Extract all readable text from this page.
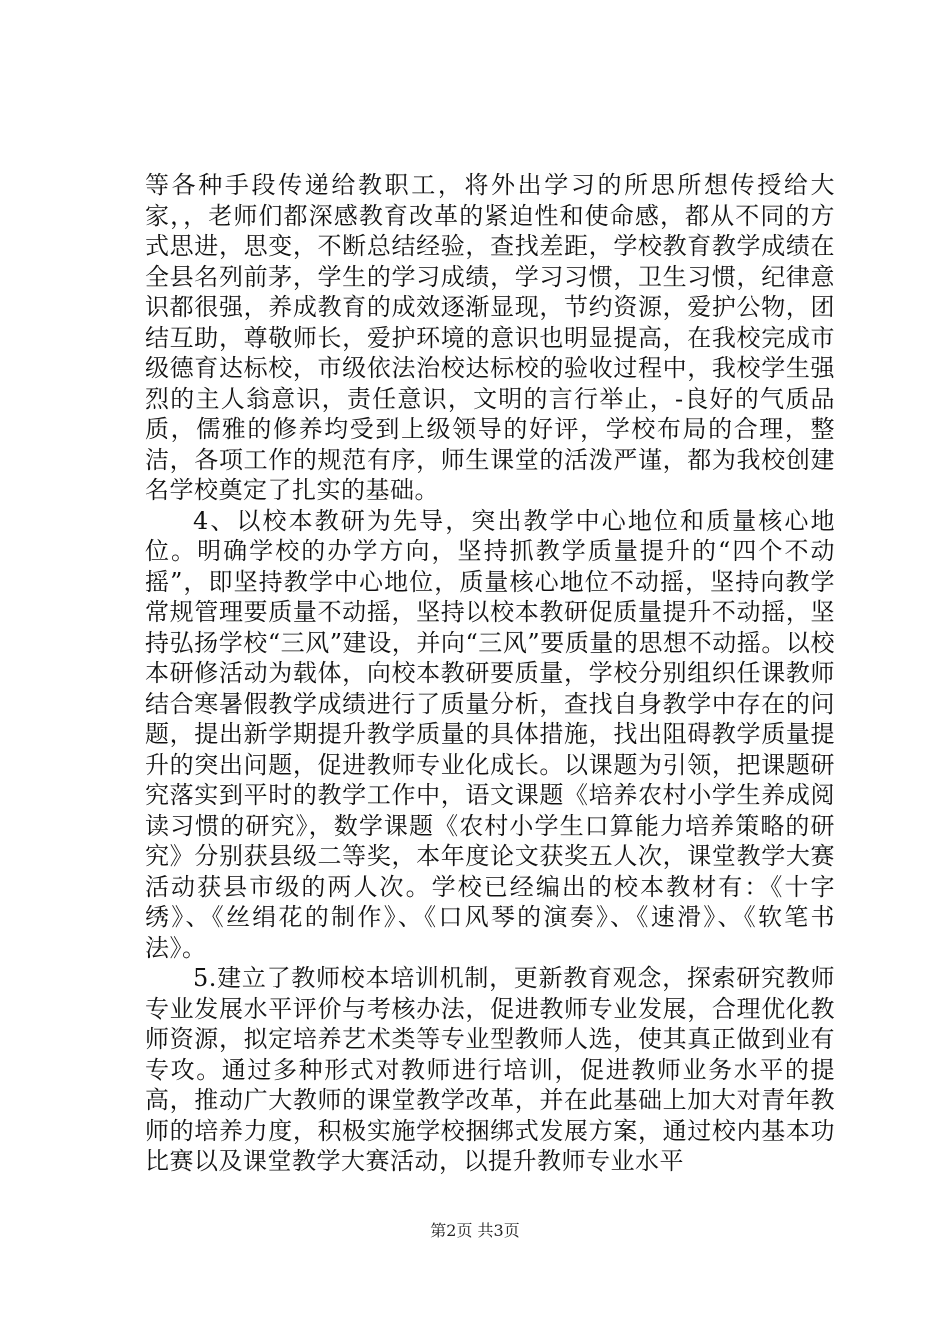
等各种手段传递给教职工，将外出学习的所思所想传授给大家，，老师们都深感教育改革的紧迫性和使命感，都从不同的方式思进，思变，不断总结经验，查找差距，学校教育教学成绩在全县名列前茅，学生的学习成绩，学习习惯，卫生习惯，纪律意识都很强，养成教育的成效逐渐显现，节约资源，爱护公物，团结互助，尊敬师长，爱护环境的意识也明显提高，在我校完成市级德育达标校，市级依法治校达标校的验收过程中，我校学生强烈的主人翁意识，责任意识，文明的言行举止，-良好的气质品质，儒雅的修养均受到上级领导的好评，学校布局的合理，整洁，各项工作的规范有序，师生课堂的活泼严谨，都为我校创建名学校奠定了扎实的基础。

4、以校本教研为先导，突出教学中心地位和质量核心地位。明确学校的办学方向，坚持抓教学质量提升的“四个不动摇”，即坚持教学中心地位，质量核心地位不动摇，坚持向教学常规管理要质量不动摇，坚持以校本教研促质量提升不动摇，坚持弘扬学校“三风”建设，并向“三风”要质量的思想不动摇。以校本研修活动为载体，向校本教研要质量，学校分别组织任课教师结合寒暑假教学成绩进行了质量分析，查找自身教学中存在的问题，提出新学期提升教学质量的具体措施，找出阻碍教学质量提升的突出问题，促进教师专业化成长。以课题为引领，把课题研究落实到平时的教学工作中，语文课题《培养农村小学生养成阅读习惯的研究》，数学课题《农村小学生口算能力培养策略的研究》分别获县级二等奖，本年度论文获奖五人次，课堂教学大赛活动获县市级的两人次。学校已经编出的校本教材有：《十字绣》、《丝绢花的制作》、《口风琴的演奏》、《速滑》、《软笔书法》。

5.建立了教师校本培训机制，更新教育观念，探索研究教师专业发展水平评价与考核办法，促进教师专业发展，合理优化教师资源，拟定培养艺术类等专业型教师人选，使其真正做到业有专攻。通过多种形式对教师进行培训，促进教师业务水平的提高，推动广大教师的课堂教学改革，并在此基础上加大对青年教师的培养力度，积极实施学校捆绑式发展方案，通过校内基本功比赛以及课堂教学大赛活动，以提升教师专业水平

第2页 共3页
